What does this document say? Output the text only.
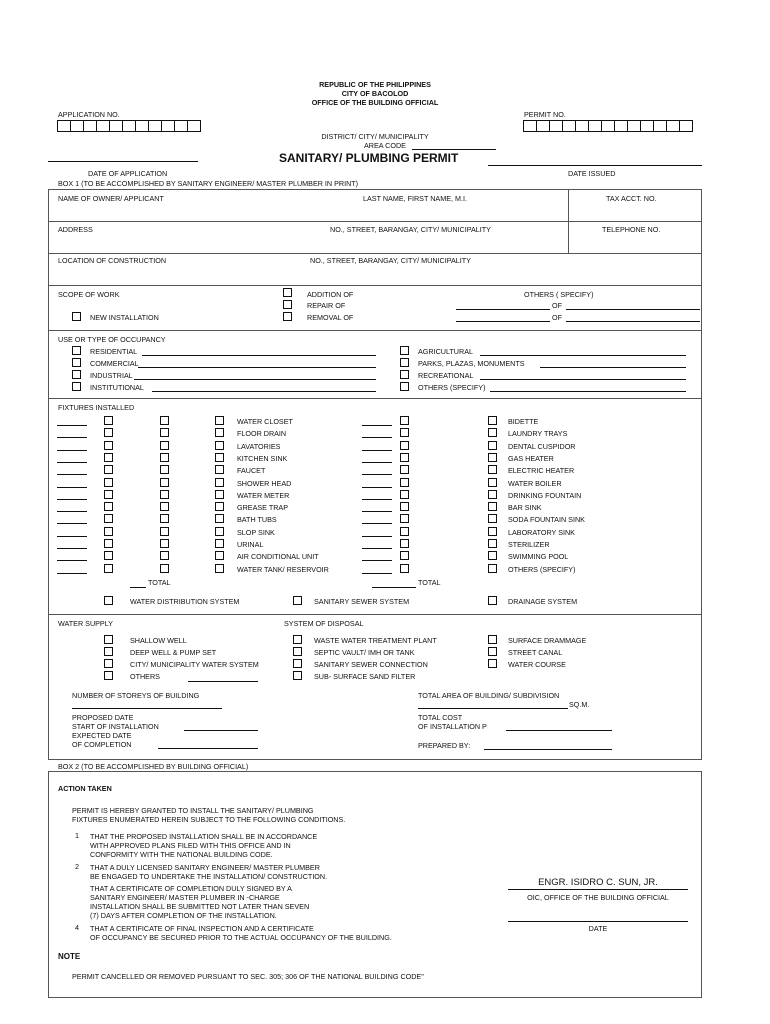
REPUBLIC OF THE PHILIPPINES
CITY OF BACOLOD
OFFICE OF THE BUILDING OFFICIAL
APPLICATION NO.	PERMIT NO.
DISTRICT/ CITY/ MUNICIPALITY
AREA CODE
SANITARY/ PLUMBING PERMIT
DATE OF APPLICATION	DATE ISSUED
BOX 1 (TO BE ACCOMPLISHED BY SANITARY ENGINEER/ MASTER PLUMBER IN PRINT)
NAME OF OWNER/ APPLICANT	LAST NAME, FIRST NAME, M.I.	TAX ACCT. NO.
ADDRESS	NO., STREET, BARANGAY, CITY/ MUNICIPALITY	TELEPHONE NO.
LOCATION OF CONSTRUCTION	NO., STREET, BARANGAY, CITY/ MUNICIPALITY
SCOPE OF WORK
NEW INSTALLATION
ADDITION OF
REPAIR OF
REMOVAL OF
OTHERS ( SPECIFY)
OF
OF
USE OR TYPE OF OCCUPANCY
RESIDENTIAL
COMMERCIAL
INDUSTRIAL
INSTITUTIONAL
AGRICULTURAL
PARKS, PLAZAS, MONUMENTS
RECREATIONAL
OTHERS (SPECIFY)
FIXTURES INSTALLED
WATER CLOSET	BIDETTE
FLOOR DRAIN	LAUNDRY TRAYS
LAVATORIES	DENTAL CUSPIDOR
KITCHEN SINK	GAS HEATER
FAUCET	ELECTRIC HEATER
SHOWER HEAD	WATER BOILER
WATER METER	DRINKING FOUNTAIN
GREASE TRAP	BAR SINK
BATH TUBS	SODA FOUNTAIN SINK
SLOP SINK	LABORATORY SINK
URINAL	STERILIZER
AIR CONDITIONAL UNIT	SWIMMING POOL
WATER TANK/ RESERVOIR	OTHERS (SPECIFY)
TOTAL	TOTAL
WATER DISTRIBUTION SYSTEM	SANITARY SEWER SYSTEM	DRAINAGE SYSTEM
WATER SUPPLY	SYSTEM OF DISPOSAL
SHALLOW WELL
DEEP WELL & PUMP SET
CITY/ MUNICIPALITY WATER SYSTEM
OTHERS
WASTE WATER TREATMENT PLANT
SEPTIC VAULT/ IMH OR TANK
SANITARY SEWER CONNECTION
SUB- SURFACE SAND FILTER
SURFACE DRAMMAGE
STREET CANAL
WATER COURSE
NUMBER OF STOREYS OF BUILDING	TOTAL AREA OF BUILDING/ SUBDIVISION
SQ.M.
PROPOSED DATE
START OF INSTALLATION
EXPECTED DATE
OF COMPLETION
TOTAL COST
OF INSTALLATION P
PREPARED BY:
BOX 2 (TO BE ACCOMPLISHED BY BUILDING OFFICIAL)
ACTION TAKEN
PERMIT IS HEREBY GRANTED TO INSTALL THE SANITARY/ PLUMBING
FIXTURES ENUMERATED HEREIN SUBJECT TO THE FOLLOWING CONDITIONS.
1 THAT THE PROPOSED INSTALLATION SHALL BE IN ACCORDANCE
WITH APPROVED PLANS FILED WITH THIS OFFICE AND IN
CONFORMITY WITH THE NATIONAL BUILDING CODE.
2 THAT A DULY LICENSED SANITARY ENGINEER/ MASTER PLUMBER
BE ENGAGED TO UNDERTAKE THE INSTALLATION/ CONSTRUCTION.
THAT A CERTIFICATE OF COMPLETION DULY SIGNED BY A
SANITARY ENGINEER/ MASTER PLUMBER IN -CHARGE
INSTALLATION SHALL BE SUBMITTED NOT LATER THAN SEVEN
(7) DAYS AFTER COMPLETION OF THE INSTALLATION.
4 THAT A CERTIFICATE OF FINAL INSPECTION AND A CERTIFICATE
OF OCCUPANCY BE SECURED PRIOR TO THE ACTUAL OCCUPANCY OF THE BUILDING.
ENGR. ISIDRO C. SUN, JR.
OIC, OFFICE OF THE BUILDING OFFICIAL
DATE
NOTE
PERMIT CANCELLED OR REMOVED PURSUANT TO SEC. 305; 306 OF THE NATIONAL BUILDING CODE"
